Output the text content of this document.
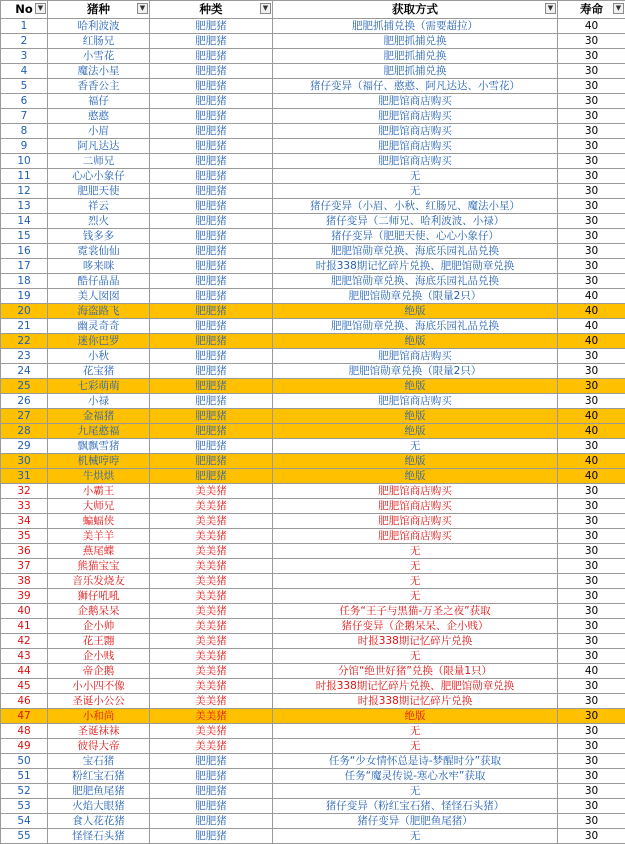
No ▼	猪种 ▼	种类 ▼	获取方式 ▼	寿命 ▼

1	哈利波波	肥肥猪	肥肥抓捕兑换（需要超拉）	40
2	红肠兄	肥肥猪	肥肥抓捕兑换	30
3	小雪花	肥肥猪	肥肥抓捕兑换	30
4	魔法小星	肥肥猪	肥肥抓捕兑换	30
5	香香公主	肥肥猪	猪仔变异（福仔、憨憨、阿凡达达、小雪花）	30
6	福仔	肥肥猪	肥肥馆商店购买	30
7	憨憨	肥肥猪	肥肥馆商店购买	30
8	小眉	肥肥猪	肥肥馆商店购买	30
9	阿凡达达	肥肥猪	肥肥馆商店购买	30
10	二师兄	肥肥猪	肥肥馆商店购买	30
11	心心小象仔	肥肥猪	无	30
12	肥肥天使	肥肥猪	无	30
13	祥云	肥肥猪	猪仔变异（小眉、小秋、红肠兄、魔法小星）	30
14	烈火	肥肥猪	猪仔变异（二师兄、哈利波波、小禄）	30
15	钱多多	肥肥猪	猪仔变异（肥肥天使、心心小象仔）	30
16	霓裳仙仙	肥肥猪	肥肥馆勋章兑换、海底乐园礼品兑换	30
17	哆来咪	肥肥猪	时报338期记忆碎片兑换、肥肥馆勋章兑换	30
18	酷仔晶晶	肥肥猪	肥肥馆勋章兑换、海底乐园礼品兑换	30
19	美人囡囡	肥肥猪	肥肥馆勋章兑换（限量2只）	40
20	海盗路飞	肥肥猪	绝版	40
21	幽灵奇奇	肥肥猪	肥肥馆勋章兑换、海底乐园礼品兑换	40
22	迷你巴罗	肥肥猪	绝版	40
23	小秋	肥肥猪	肥肥馆商店购买	30
24	花宝猪	肥肥猪	肥肥馆勋章兑换（限量2只）	30
25	七彩萌萌	肥肥猪	绝版	30
26	小禄	肥肥猪	肥肥馆商店购买	30
27	金福猪	肥肥猪	绝版	40
28	九尾憨福	肥肥猪	绝版	40
29	飘飘雪猪	肥肥猪	无	30
30	机械哼哼	肥肥猪	绝版	40
31	牛烘烘	肥肥猪	绝版	40
32	小霸王	美美猪	肥肥馆商店购买	30
33	大师兄	美美猪	肥肥馆商店购买	30
34	蝙蝠侠	美美猪	肥肥馆商店购买	30
35	美羊羊	美美猪	肥肥馆商店购买	30
36	燕尾蝶	美美猪	无	30
37	熊猫宝宝	美美猪	无	30
38	音乐发烧友	美美猪	无	30
39	狮仔吼吼	美美猪	无	30
40	企鹅呆呆	美美猪	任务“王子与黑猫-万圣之夜”获取	30
41	企小帅	美美猪	猪仔变异（企鹅呆呆、企小贱）	30
42	花王翾	美美猪	时报338期记忆碎片兑换	30
43	企小贱	美美猪	无	30
44	帝企鹅	美美猪	分馆“绝世好猪”兑换（限量1只）	40
45	小小四不像	美美猪	时报338期记忆碎片兑换、肥肥馆勋章兑换	30
46	圣诞小公公	美美猪	时报338期记忆碎片兑换	30
47	小和尚	美美猪	绝版	30
48	圣诞袜袜	美美猪	无	30
49	彼得大帝	美美猪	无	30
50	宝石猪	肥肥猪	任务“少女情怀总是诗-梦醒时分”获取	30
51	粉红宝石猪	肥肥猪	任务“魔灵传说-寒心水牢”获取	30
52	肥肥鱼尾猪	肥肥猪	无	30
53	火焰大眼猪	肥肥猪	猪仔变异（粉红宝石猪、怪怪石头猪）	30
54	食人花花猪	肥肥猪	猪仔变异（肥肥鱼尾猪）	30
55	怪怪石头猪	肥肥猪	无	30
